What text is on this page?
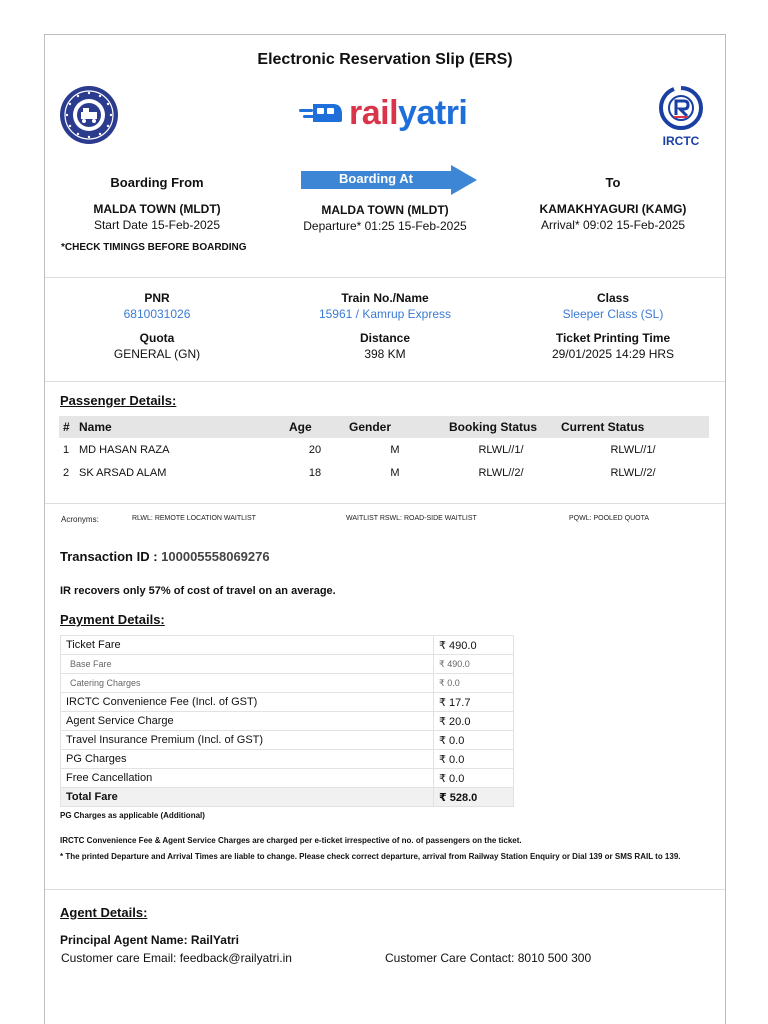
Electronic Reservation Slip (ERS)
railyatri
IRCTC
Boarding From
MALDA TOWN (MLDT)
Start Date 15-Feb-2025
Boarding At
MALDA TOWN (MLDT)
Departure* 01:25 15-Feb-2025
To
KAMAKHYAGURI (KAMG)
Arrival* 09:02 15-Feb-2025
*CHECK TIMINGS BEFORE BOARDING
PNR
6810031026
Train No./Name
15961 / Kamrup Express
Class
Sleeper Class (SL)
Quota
GENERAL (GN)
Distance
398 KM
Ticket Printing Time
29/01/2025 14:29 HRS
Passenger Details:
#	Name	Age	Gender	Booking Status	Current Status
1	MD HASAN RAZA	20	M	RLWL//1/	RLWL//1/
2	SK ARSAD ALAM	18	M	RLWL//2/	RLWL//2/
Acronyms:	RLWL: REMOTE LOCATION WAITLIST	WAITLIST RSWL: ROAD-SIDE WAITLIST	PQWL: POOLED QUOTA
Transaction ID : 100005558069276
IR recovers only 57% of cost of travel on an average.
Payment Details:
Ticket Fare	₹ 490.0
Base Fare	₹ 490.0
Catering Charges	₹ 0.0
IRCTC Convenience Fee (Incl. of GST)	₹ 17.7
Agent Service Charge	₹ 20.0
Travel Insurance Premium (Incl. of GST)	₹ 0.0
PG Charges	₹ 0.0
Free Cancellation	₹ 0.0
Total Fare	₹ 528.0
PG Charges as applicable (Additional)
IRCTC Convenience Fee & Agent Service Charges are charged per e-ticket irrespective of no. of passengers on the ticket.
* The printed Departure and Arrival Times are liable to change. Please check correct departure, arrival from Railway Station Enquiry or Dial 139 or SMS RAIL to 139.
Agent Details:
Principal Agent Name: RailYatri
Customer care Email: feedback@railyatri.in	Customer Care Contact: 8010 500 300
